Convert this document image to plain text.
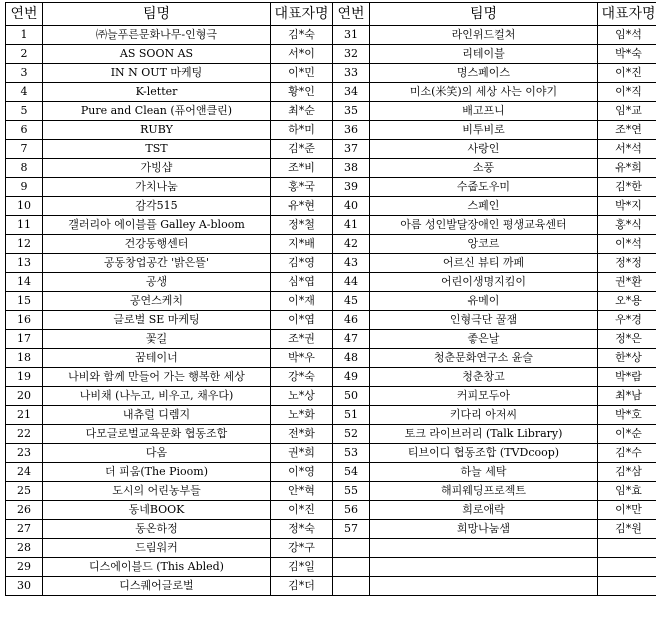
연번	팀명	대표자명	연번	팀명	대표자명
1	㈜늘푸른문화나무-인형극	김*숙	31	라인위드컬처	임*석
2	AS SOON AS	서*이	32	리테이블	박*숙
3	IN N OUT 마케팅	이*민	33	명스페이스	이*진
4	K-letter	황*인	34	미소(米笑)의 세상 사는 이야기	이*직
5	Pure and Clean (퓨어앤클린)	최*순	35	배고프니	임*교
6	RUBY	하*미	36	비투비로	조*연
7	TST	김*준	37	사랑인	서*석
8	가빙샵	조*비	38	소풍	유*희
9	가치나눔	홍*국	39	수줍도우미	김*한
10	감각515	유*현	40	스페인	박*지
11	갤러리아 에이블플 Galley A-bloom	정*철	41	아름 성인발달장애인 평생교육센터	홍*식
12	건강동행센터	지*배	42	앙코르	이*석
13	공동창업공간 '밝은뜰'	김*영	43	어르신 뷰티 까페	정*정
14	공생	심*엽	44	어린이생명지킴이	권*환
15	공연스케치	이*재	45	유메이	오*용
16	글로벌 SE 마케팅	이*엽	46	인형극단 꿀잼	우*경
17	꽃길	조*권	47	좋은날	정*은
18	꿈테이너	박*우	48	청춘문화연구소 윤슬	한*상
19	나비와 함께 만들어 가는 행복한 세상	강*숙	49	청춘창고	박*람
20	나비채 (나누고, 비우고, 채우다)	노*상	50	커피모두아	최*남
21	내츄럴 디렘지	노*화	51	키다리 아저씨	박*호
22	다모글로벌교육문화 협동조합	전*화	52	토크 라이브러리 (Talk Library)	이*순
23	다옴	권*희	53	티브이디 협동조합 (TVDcoop)	김*수
24	더 피움(The Pioom)	이*영	54	하늘 세탁	김*삼
25	도시의 어린농부들	안*혁	55	해피웨딩프로젝트	임*효
26	동네BOOK	이*진	56	희로애락	이*만
27	동온하정	정*숙	57	희망나눔샘	김*원
28	드림워커	강*구			
29	디스에이블드 (This Abled)	김*일			
30	디스퀘어글로벌	김*더			
